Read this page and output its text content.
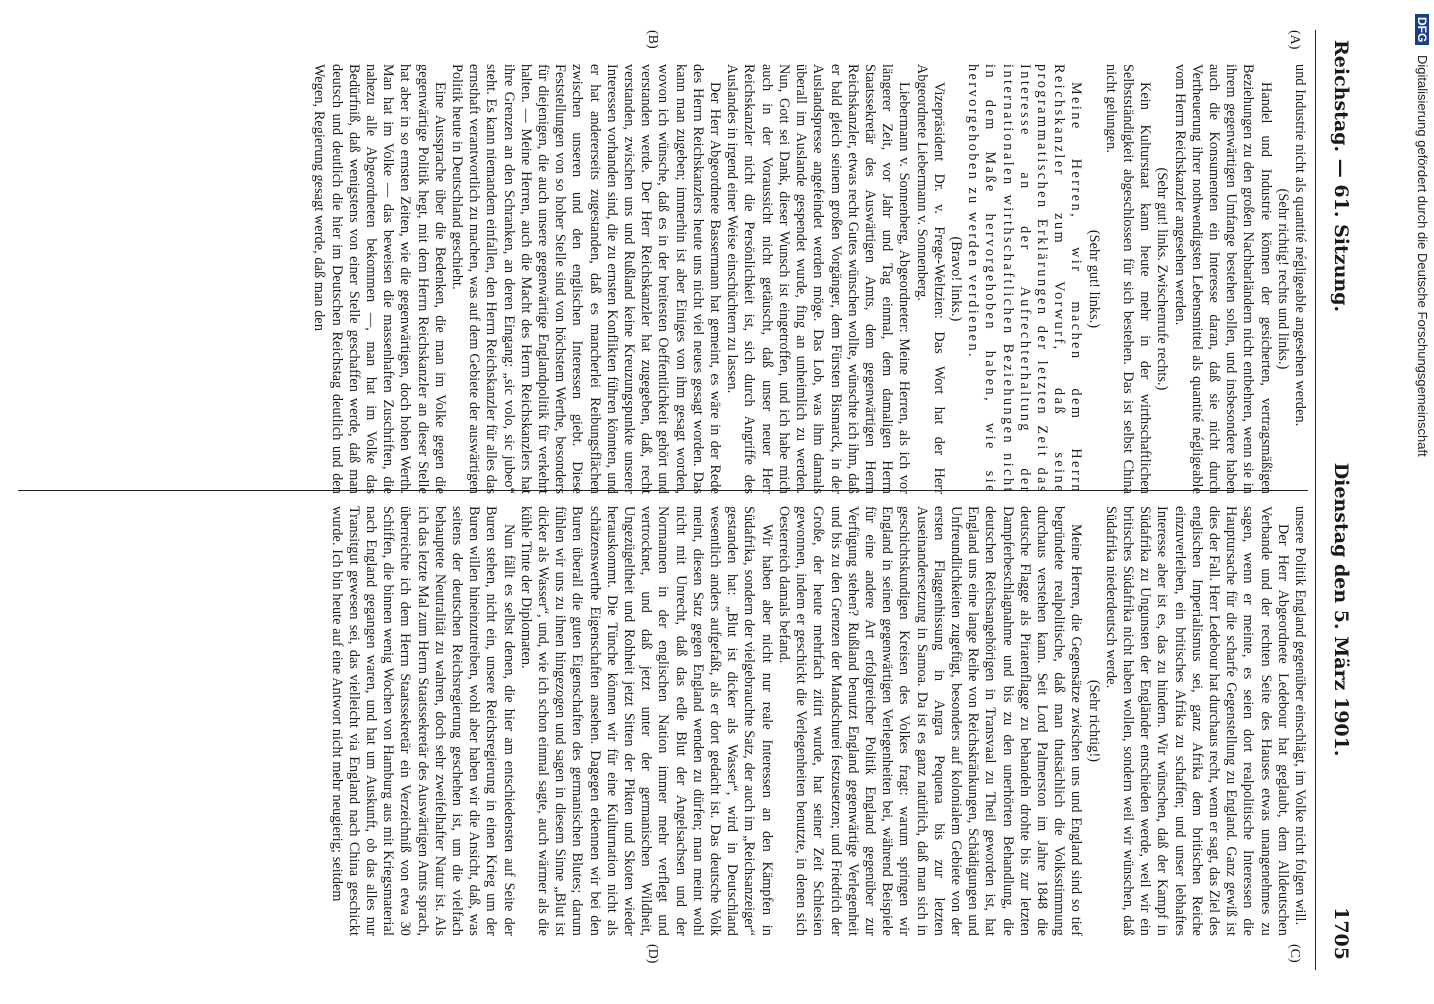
Reichstag. — 61. Sitzung.
Dienstag den 5. März 1901.
1705
(A)
(B)
(C)
(D)

und Industrie nicht als quantité négligeable angesehen werden.

(Sehr richtig! rechts und links.)

Handel und Industrie können der gesicherten, vertragsmäßigen Beziehungen zu den großen Nachbarländern nicht entbehren, wenn sie in ihrem gegenwärtigen Umfange bestehen sollen, und insbesondere haben auch die Konsumenten ein Interesse daran, daß sie nicht durch Vertheuerung ihrer nothwendigsten Lebensmittel als quantité négligeable vom Herrn Reichskanzler angesehen werden.

(Sehr gut! links. Zwischenrufe rechts.)

Kein Kulturstaat kann heute mehr in der wirthschaftlichen Selbstständigkeit abgeschlossen für sich bestehen. Das ist selbst China nicht gelungen.

(Sehr gut! links.)

Meine Herren, wir machen dem Herrn Reichskanzler zum Vorwurf, daß seine programmatischen Erklärungen der letzten Zeit das Interesse an der Aufrechterhaltung der internationalen wirthschaftlichen Beziehungen nicht in dem Maße hervorgehoben haben, wie sie hervorgehoben zu werden verdienen.

(Bravo! links.)

Vizepräsident Dr. v. Frege-Weltzien: Das Wort hat der Herr Abgeordnete Liebermann v. Sonnenberg.

Liebermann v. Sonnenberg, Abgeordneter: Meine Herren, als ich vor längerer Zeit, vor Jahr und Tag einmal, dem damaligen Herrn Staatssekretär des Auswärtigen Amts, dem gegenwärtigen Herrn Reichskanzler, etwas recht Gutes wünschen wollte, wünschte ich ihm, daß er bald gleich seinem großen Vorgänger, dem Fürsten Bismarck, in der Auslandspresse angefeindet werden möge. Das Lob, was ihm damals überall im Auslande gespendet wurde, fing an unheimlich zu werden. Nun, Gott sei Dank, dieser Wunsch ist eingetroffen, und ich habe mich auch in der Voraussicht nicht getäuscht, daß unser neuer Herr Reichskanzler nicht die Persönlichkeit ist, sich durch Angriffe des Auslandes in irgend einer Weise einschüchtern zu lassen.

Der Herr Abgeordnete Bassermann hat gemeint, es wäre in der Rede des Herrn Reichskanzlers heute uns nicht viel neues gesagt worden. Das kann man zugeben; immerhin ist aber Einiges von ihm gesagt worden, wovon ich wünsche, daß es in der breitesten Oeffentlichkeit gehört und verstanden werde. Der Herr Reichskanzler hat zugegeben, daß, recht verstanden, zwischen uns und Rußland keine Kreuzungspunkte unserer Interessen vorhanden sind, die zu ernsten Konflikten führen könnten, und er hat andererseits zugestanden, daß es mancherlei Reibungsflächen zwischen unseren und den englischen Interessen giebt. Diese Feststellungen von so hoher Stelle sind von höchstem Werthe, besonders für diejenigen, die auch unsere gegenwärtige Englandpolitik für verkehrt halten. — Meine Herren, auch die Macht des Herrn Reichskanzlers hat ihre Grenzen an den Schranken, an deren Eingang: „sic volo, sic jubeo“ steht. Es kann niemandem einfallen, den Herrn Reichskanzler für alles das ernsthaft verantwortlich zu machen, was auf dem Gebiete der auswärtigen Politik heute in Deutschland geschieht.

Eine Aussprache über die Bedenken, die man im Volke gegen die gegenwärtige Politik hegt, mit dem Herrn Reichskanzler an dieser Stelle hat aber in so ernsten Zeiten, wie die gegenwärtigen, doch hohen Werth. Man hat im Volke — das beweisen die massenhaften Zuschriften, die nahezu alle Abgeordneten bekommen —, man hat im Volke das Bedürfniß, daß wenigstens von einer Stelle geschaffen werde, daß man deutsch und deutlich die hier im Deutschen Reichstag deutlich und den Wegen, Regierung gesagt werde, daß man den

unsere Politik England gegenüber einschlägt, im Volke nicht folgen will.

Der Herr Abgeordnete Ledebour hat geglaubt, dem Alldeutschen Verbande und der rechten Seite des Hauses etwas unangenehmes zu sagen, wenn er meinte, es seien dort realpolitische Interessen die Hauptursache für die scharfe Gegenstellung zu England. Ganz gewiß ist dies der Fall. Herr Ledebour hat durchaus recht, wenn er sagt, das Ziel des englischen Imperialismus sei, ganz Afrika dem britischen Reiche einzuverleiben, ein britisches Afrika zu schaffen; und unser lebhaftes Interesse aber ist es, das zu hindern. Wir wünschen, daß der Kampf in Südafrika zu Ungunsten der Engländer entschieden werde, weil wir ein britisches Südafrika nicht haben wollen, sondern weil wir wünschen, daß Südafrika niederdeutsch werde.

(Sehr richtig!)

Meine Herren, die Gegensätze zwischen uns und England sind so tief begründete realpolitische, daß man thatsächlich die Volksstimmung durchaus verstehen kann. Seit Lord Palmerston im Jahre 1848 die deutsche Flagge als Piratenflagge zu behandeln drohte bis zur letzten Dampferbeschlagnahme und bis zu den unerhörten Behandlung, die deutschen Reichsangehörigen in Transvaal zu Theil geworden ist, hat England uns eine lange Reihe von Reichskränkungen, Schädigungen und Unfreundlichkeiten zugefügt, besonders auf kolonialem Gebiete von der ersten Flaggenhissung in Angra Pequena bis zur letzten Auseinandersetzung in Samoa. Da ist es ganz natürlich, daß man sich in geschichtskundigen Kreisen des Volkes fragt: warum springen wir England in seinen gegenwärtigen Verlegenheiten bei, während Beispiele für eine andere Art erfolgreicher Politik England gegenüber zur Verfügung stehen? Rußland benutzt England gegenwärtige Verlegenheit und bis zu den Grenzen der Mandschurei festzusetzen; und Friedrich der Große, der heute mehrfach zitirt wurde, hat seiner Zeit Schlesien gewonnen, indem er geschickt die Verlegenheiten benutzte, in denen sich Oesterreich damals befand.

Wir haben aber nicht nur reale Interessen an den Kämpfen in Südafrika, sondern der vielgebrauchte Satz, der auch im „Reichsanzeiger“ gestanden hat: „Blut ist dicker als Wasser“, wird in Deutschland wesentlich anders aufgefaßt, als er dort gedacht ist. Das deutsche Volk meint, diesen Satz gegen England wenden zu dürfen; man meint wohl nicht mit Unrecht, daß das edle Blut der Angelsachsen und der Normannen in der englischen Nation immer mehr verflegt und vertrocknet, und daß jetzt unter der germanischen Wildheit, Ungezügeltheit und Rohheit jetzt Sitten der Pikten und Skoten wieder herauskommt. Die Tünche können wir für eine Kulturnation nicht als schätzenswerthe Eigenschaften ansehen. Dagegen erkennen wir bei den Buren überall die guten Eigenschaften des germanischen Blutes; darum fühlen wir uns zu ihnen hingezogen und sagen in diesem Sinne „Blut ist dicker als Wasser“, und, wie ich schon einmal sagte, auch wärmer als die kühle Tinte der Diplomaten.

Nun fällt es selbst denen, die hier am entschiedensten auf Seite der Buren stehen, nicht ein, unsere Reichsregierung in einen Krieg um der Buren willen hineinzutreiben, wohl aber haben wir die Ansicht, daß, was seitens der deutschen Reichsregierung geschehen ist, um die vielfach behauptete Neutralität zu wahren, doch sehr zweifelhafter Natur ist. Als ich das letzte Mal zum Herrn Staatssekretär des Auswärtigen Amts sprach, überreichte ich dem Herrn Staatssekretär ein Verzeichniß von etwa 30 Schiffen, die binnen wenig Wochen von Hamburg aus mit Kriegsmaterial nach England gegangen waren, und hat um Auskunft, ob das alles nur Transitgut gewesen sei, das vielleicht via England nach China geschickt wurde. Ich bin heute auf eine Antwort nicht mehr neugierig; seitdem

DFG Digitalisierung gefördert durch die Deutsche Forschungsgemeinschaft
